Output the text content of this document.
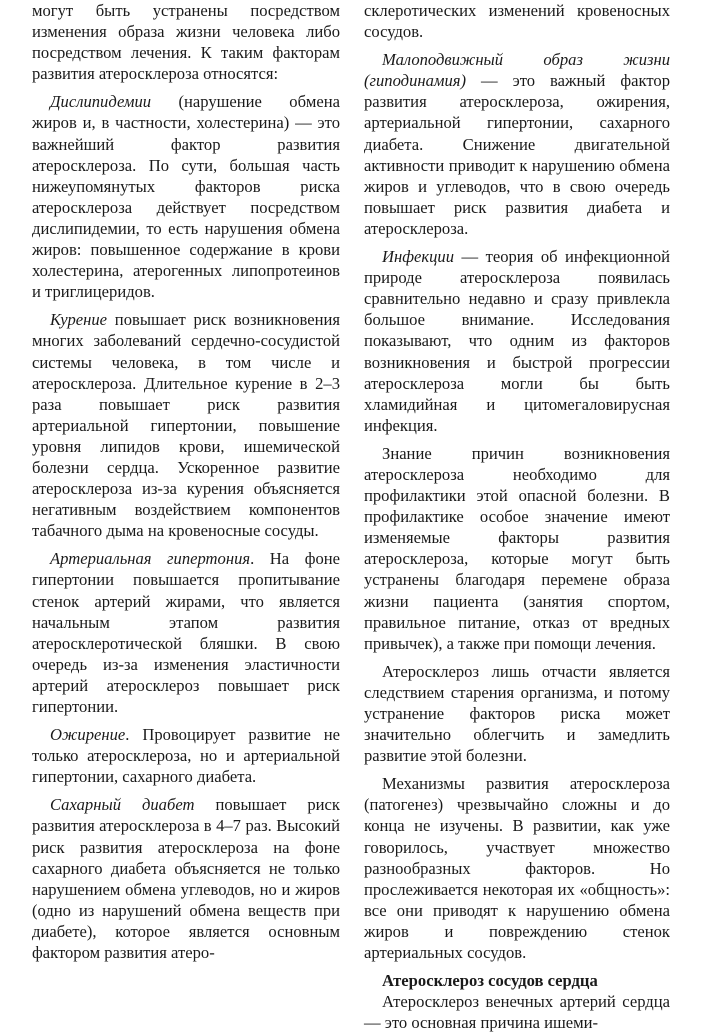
могут быть устранены посредством изменения образа жизни человека либо посредством лечения. К таким факторам развития атеросклероза относятся:

Дислипидемии (нарушение обмена жиров и, в частности, холестерина) — это важнейший фактор развития атеросклероза. По сути, большая часть нижеупомянутых факторов риска атеросклероза действует посредством дислипидемии, то есть нарушения обмена жиров: повышенное содержание в крови холестерина, атерогенных липопротеинов и триглицеридов.

Курение повышает риск возникновения многих заболеваний сердечно-сосудистой системы человека, в том числе и атеросклероза. Длительное курение в 2–3 раза повышает риск развития артериальной гипертонии, повышение уровня липидов крови, ишемической болезни сердца. Ускоренное развитие атеросклероза из-за курения объясняется негативным воздействием компонентов табачного дыма на кровеносные сосуды.

Артериальная гипертония. На фоне гипертонии повышается пропитывание стенок артерий жирами, что является начальным этапом развития атеросклеротической бляшки. В свою очередь из-за изменения эластичности артерий атеросклероз повышает риск гипертонии.

Ожирение. Провоцирует развитие не только атеросклероза, но и артериальной гипертонии, сахарного диабета.

Сахарный диабет повышает риск развития атеросклероза в 4–7 раз. Высокий риск развития атеросклероза на фоне сахарного диабета объясняется не только нарушением обмена углеводов, но и жиров (одно из нарушений обмена веществ при диабете), которое является основным фактором развития атеро-

склеротических изменений кровеносных сосудов.

Малоподвижный образ жизни (гиподинамия) — это важный фактор развития атеросклероза, ожирения, артериальной гипертонии, сахарного диабета. Снижение двигательной активности приводит к нарушению обмена жиров и углеводов, что в свою очередь повышает риск развития диабета и атеросклероза.

Инфекции — теория об инфекционной природе атеросклероза появилась сравнительно недавно и сразу привлекла большое внимание. Исследования показывают, что одним из факторов возникновения и быстрой прогрессии атеросклероза могли бы быть хламидийная и цитомегаловирусная инфекция.

Знание причин возникновения атеросклероза необходимо для профилактики этой опасной болезни. В профилактике особое значение имеют изменяемые факторы развития атеросклероза, которые могут быть устранены благодаря перемене образа жизни пациента (занятия спортом, правильное питание, отказ от вредных привычек), а также при помощи лечения.

Атеросклероз лишь отчасти является следствием старения организма, и потому устранение факторов риска может значительно облегчить и замедлить развитие этой болезни.

Механизмы развития атеросклероза (патогенез) чрезвычайно сложны и до конца не изучены. В развитии, как уже говорилось, участвует множество разнообразных факторов. Но прослеживается некоторая их «общность»: все они приводят к нарушению обмена жиров и повреждению стенок артериальных сосудов.

Атеросклероз сосудов сердца

Атеросклероз венечных артерий сердца — это основная причина ишеми-
